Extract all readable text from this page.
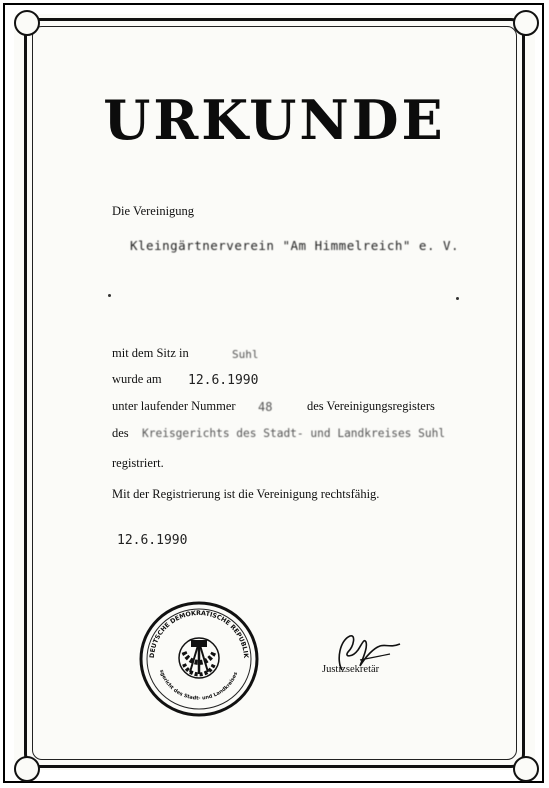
URKUNDE
Die Vereinigung
Kleingärtnerverein "Am Himmelreich" e. V.
mit dem Sitz in	Suhl
wurde am 12.6.1990
unter laufender Nummer 48	des Vereinigungsregisters
des Kreisgerichts des Stadt- und Landkreises Suhl
registriert.
Mit der Registrierung ist die Vereinigung rechtsfähig.
12.6.1990
DEUTSCHE DEMOKRATISCHE REPUBLIK
sgericht des Stadt- und Landkreises	Justizsekretär
